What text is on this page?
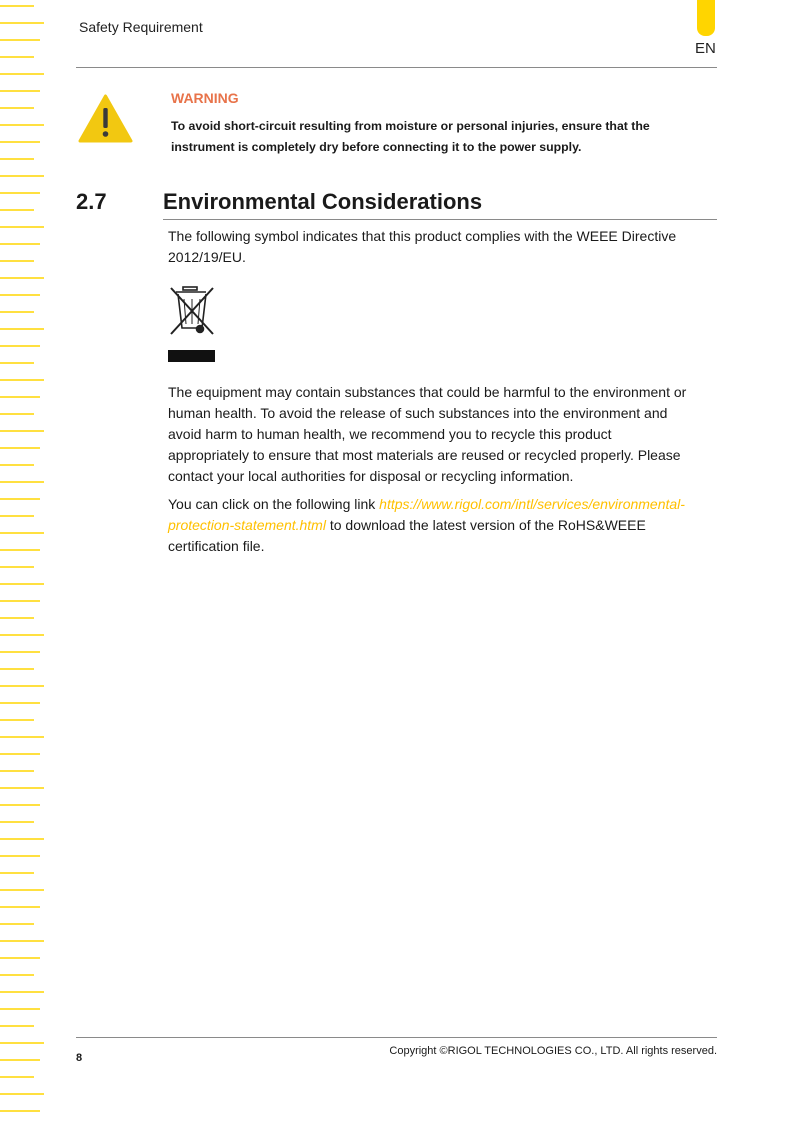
EN
Safety Requirement
WARNING
To avoid short-circuit resulting from moisture or personal injuries, ensure that the
instrument is completely dry before connecting it to the power supply.
2.7	Environmental Considerations
The following symbol indicates that this product complies with the WEEE Directive
2012/19/EU.
The equipment may contain substances that could be harmful to the environment or
human health. To avoid the release of such substances into the environment and
avoid harm to human health, we recommend you to recycle this product
appropriately to ensure that most materials are reused or recycled properly. Please
contact your local authorities for disposal or recycling information.
You can click on the following link https://www.rigol.com/intl/services/environmental-
protection-statement.html to download the latest version of the RoHS&WEEE
certification file.
8
Copyright ©RIGOL TECHNOLOGIES CO., LTD. All rights reserved.
